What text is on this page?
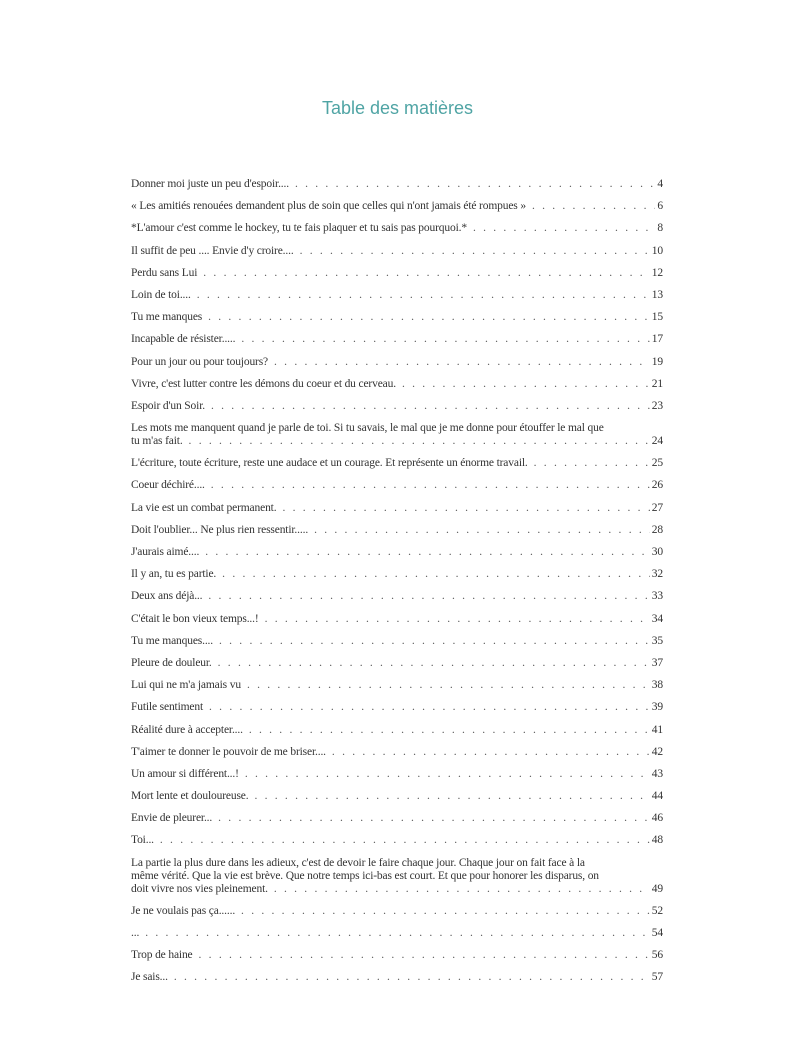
Table des matières
Donner moi juste un peu d'espoir.... . . .	4
« Les amitiés renouées demandent plus de soin que celles qui n'ont jamais été rompues » . . .	6
*L'amour c'est comme le hockey, tu te fais plaquer et tu sais pas pourquoi.* . . .	8
Il suffit de peu .... Envie d'y croire.... . . .	10
Perdu sans Lui . . .	12
Loin de toi.... . . .	13
Tu me manques . . .	15
Incapable de résister..... . . .	17
Pour un jour ou pour toujours? . . .	19
Vivre, c'est lutter contre les démons du coeur et du cerveau. . . .	21
Espoir d'un Soir. . . .	23
Les mots me manquent quand je parle de toi. Si tu savais, le mal que je me donne pour étouffer le mal que
tu m'as fait. . . .	24
L'écriture, toute écriture, reste une audace et un courage. Et représente un énorme travail. . . .	25
Coeur déchiré.... . . .	26
La vie est un combat permanent. . . .	27
Doit l'oublier... Ne plus rien ressentir..... . . .	28
J'aurais aimé.... . . .	30
Il y an, tu es partie. . . .	32
Deux ans déjà... . . .	33
C'était le bon vieux temps...! . . .	34
Tu me manques.... . . .	35
Pleure de douleur. . . .	37
Lui qui ne m'a jamais vu . . .	38
Futile sentiment . . .	39
Réalité dure à accepter.... . . .	41
T'aimer te donner le pouvoir de me briser.... . . .	42
Un amour si différent...! . . .	43
Mort lente et douloureuse. . . .	44
Envie de pleurer... . . .	46
Toi... . . .	48
La partie la plus dure dans les adieux, c'est de devoir le faire chaque jour. Chaque jour on fait face à la
même vérité. Que la vie est brève. Que notre temps ici-bas est court. Et que pour honorer les disparus, on
doit vivre nos vies pleinement. . . .	49
Je ne voulais pas ça...... . . .	52
... . . .	54
Trop de haine . . .	56
Je sais... . . .	57
